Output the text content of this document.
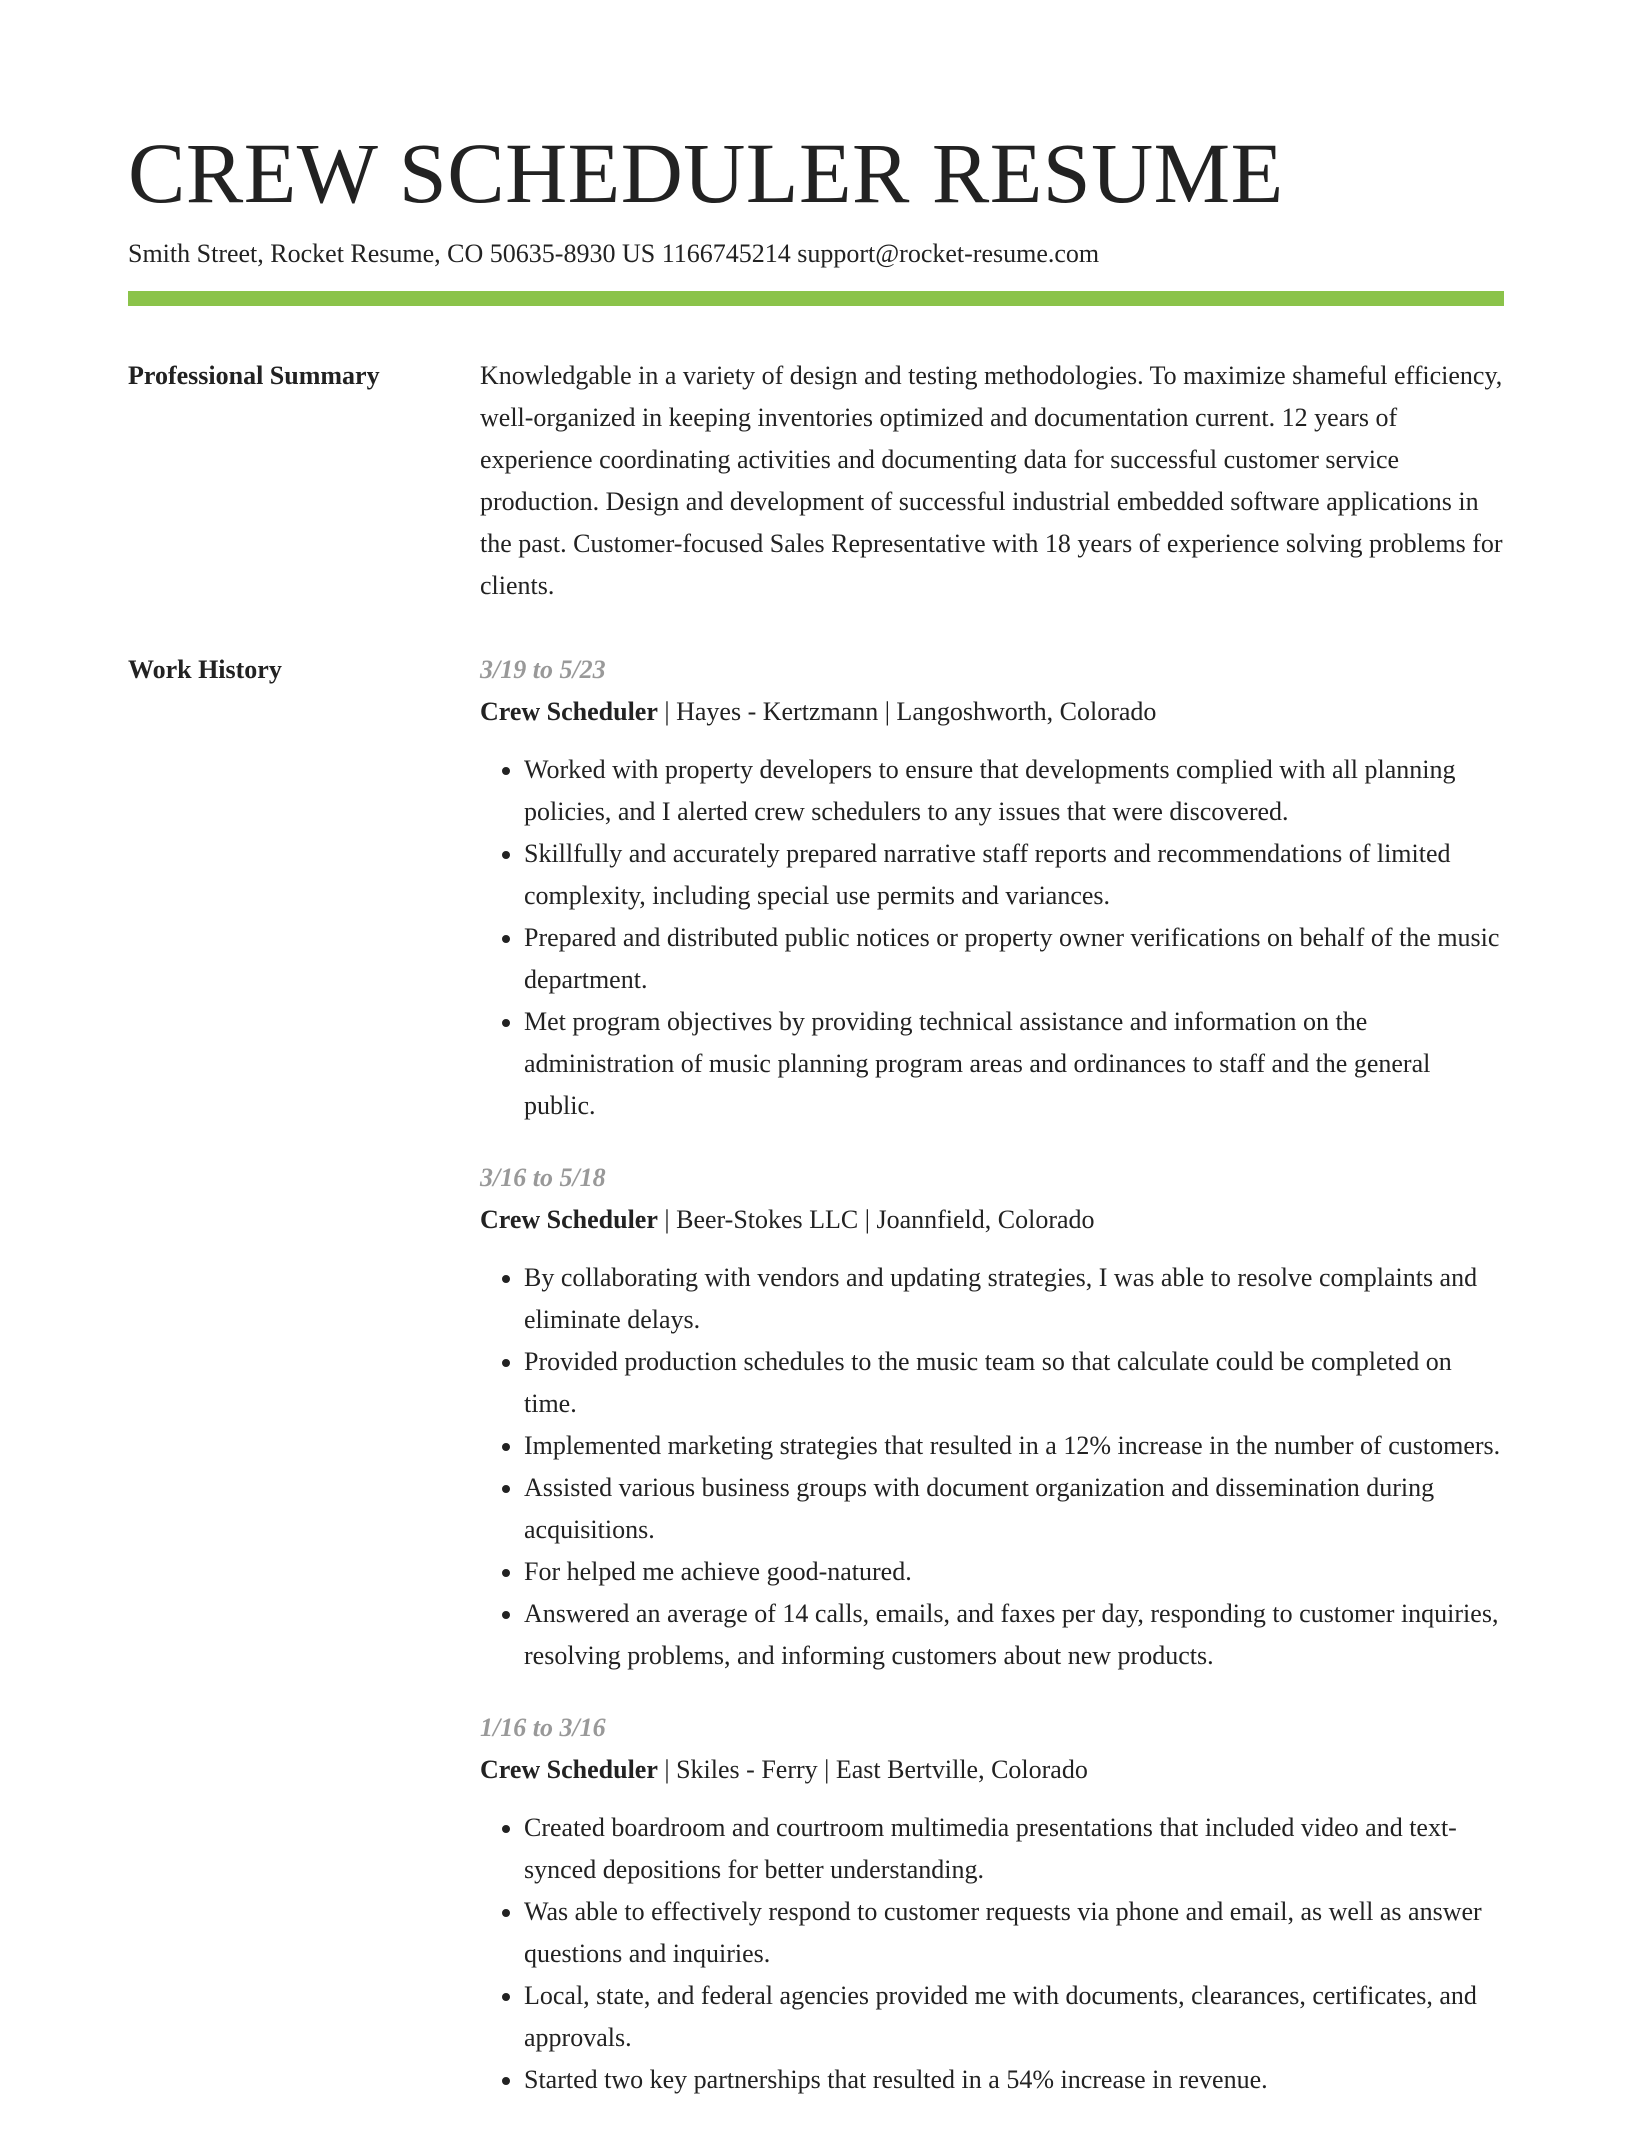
CREW SCHEDULER RESUME
Smith Street, Rocket Resume, CO 50635-8930 US 1166745214 support@rocket-resume.com
Professional Summary	Knowledgable in a variety of design and testing methodologies. To maximize shameful efficiency, well-organized in keeping inventories optimized and documentation current. 12 years of experience coordinating activities and documenting data for successful customer service production. Design and development of successful industrial embedded software applications in the past. Customer-focused Sales Representative with 18 years of experience solving problems for clients.
Work History	3/19 to 5/23
Crew Scheduler | Hayes - Kertzmann | Langoshworth, Colorado
• Worked with property developers to ensure that developments complied with all planning policies, and I alerted crew schedulers to any issues that were discovered.
• Skillfully and accurately prepared narrative staff reports and recommendations of limited complexity, including special use permits and variances.
• Prepared and distributed public notices or property owner verifications on behalf of the music department.
• Met program objectives by providing technical assistance and information on the administration of music planning program areas and ordinances to staff and the general public.
3/16 to 5/18
Crew Scheduler | Beer-Stokes LLC | Joannfield, Colorado
• By collaborating with vendors and updating strategies, I was able to resolve complaints and eliminate delays.
• Provided production schedules to the music team so that calculate could be completed on time.
• Implemented marketing strategies that resulted in a 12% increase in the number of customers.
• Assisted various business groups with document organization and dissemination during acquisitions.
• For helped me achieve good-natured.
• Answered an average of 14 calls, emails, and faxes per day, responding to customer inquiries, resolving problems, and informing customers about new products.
1/16 to 3/16
Crew Scheduler | Skiles - Ferry | East Bertville, Colorado
• Created boardroom and courtroom multimedia presentations that included video and text-synced depositions for better understanding.
• Was able to effectively respond to customer requests via phone and email, as well as answer questions and inquiries.
• Local, state, and federal agencies provided me with documents, clearances, certificates, and approvals.
• Started two key partnerships that resulted in a 54% increase in revenue.
